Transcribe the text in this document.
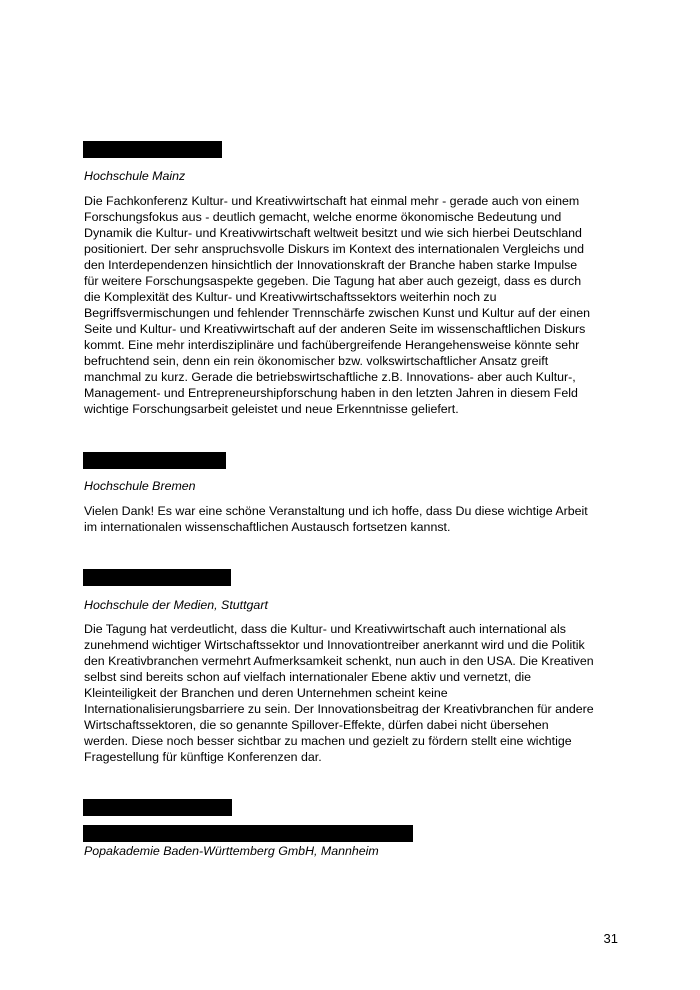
Hochschule Mainz

Die Fachkonferenz Kultur- und Kreativwirtschaft hat einmal mehr - gerade auch von einem
Forschungsfokus aus - deutlich gemacht, welche enorme ökonomische Bedeutung und
Dynamik die Kultur- und Kreativwirtschaft weltweit besitzt und wie sich hierbei Deutschland
positioniert. Der sehr anspruchsvolle Diskurs im Kontext des internationalen Vergleichs und
den Interdependenzen hinsichtlich der Innovationskraft der Branche haben starke Impulse
für weitere Forschungsaspekte gegeben. Die Tagung hat aber auch gezeigt, dass es durch
die Komplexität des Kultur- und Kreativwirtschaftssektors weiterhin noch zu
Begriffsvermischungen und fehlender Trennschärfe zwischen Kunst und Kultur auf der einen
Seite und Kultur- und Kreativwirtschaft auf der anderen Seite im wissenschaftlichen Diskurs
kommt. Eine mehr interdisziplinäre und fachübergreifende Herangehensweise könnte sehr
befruchtend sein, denn ein rein ökonomischer bzw. volkswirtschaftlicher Ansatz greift
manchmal zu kurz. Gerade die betriebswirtschaftliche z.B. Innovations- aber auch Kultur-,
Management- und Entrepreneurshipforschung haben in den letzten Jahren in diesem Feld
wichtige Forschungsarbeit geleistet und neue Erkenntnisse geliefert.

Hochschule Bremen

Vielen Dank! Es war eine schöne Veranstaltung und ich hoffe, dass Du diese wichtige Arbeit
im internationalen wissenschaftlichen Austausch fortsetzen kannst.

Hochschule der Medien, Stuttgart

Die Tagung hat verdeutlicht, dass die Kultur- und Kreativwirtschaft auch international als
zunehmend wichtiger Wirtschaftssektor und Innovationtreiber anerkannt wird und die Politik
den Kreativbranchen vermehrt Aufmerksamkeit schenkt, nun auch in den USA. Die Kreativen
selbst sind bereits schon auf vielfach internationaler Ebene aktiv und vernetzt, die
Kleinteiligkeit der Branchen und deren Unternehmen scheint keine
Internationalisierungsbarriere zu sein. Der Innovationsbeitrag der Kreativbranchen für andere
Wirtschaftssektoren, die so genannte Spillover-Effekte, dürfen dabei nicht übersehen
werden. Diese noch besser sichtbar zu machen und gezielt zu fördern stellt eine wichtige
Fragestellung für künftige Konferenzen dar.

Popakademie Baden-Württemberg GmbH, Mannheim

31
